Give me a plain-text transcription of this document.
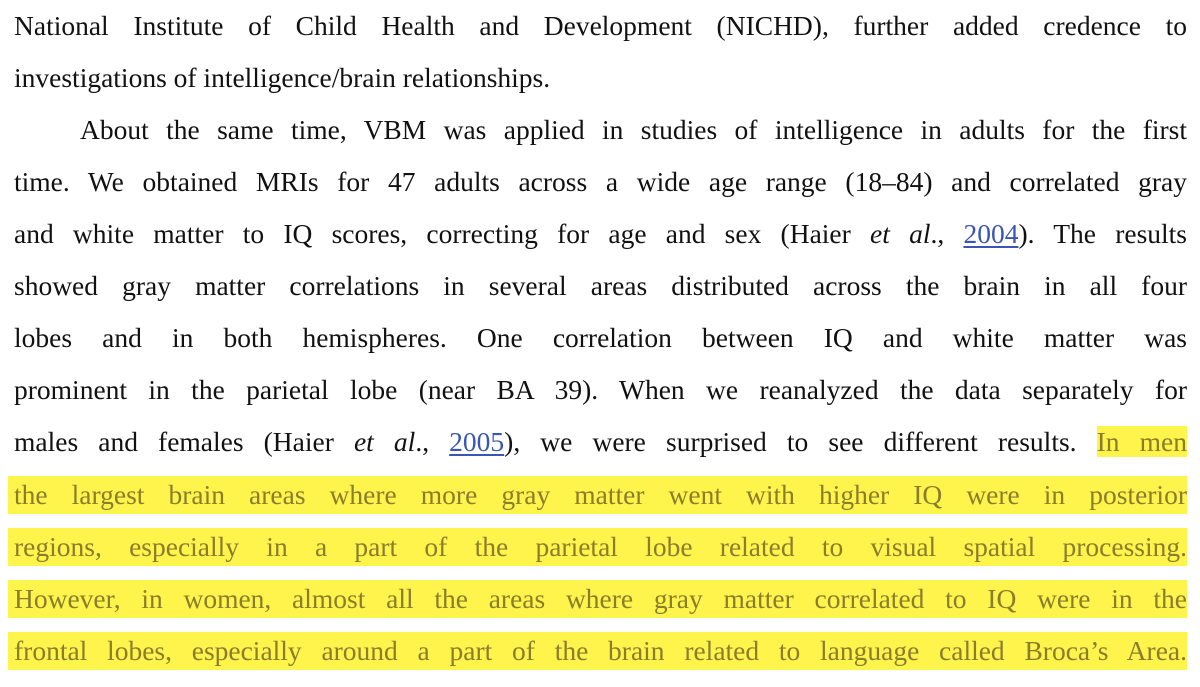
National Institute of Child Health and Development (NICHD), further added credence to
investigations of intelligence/brain relationships.
About the same time, VBM was applied in studies of intelligence in adults for the first
time. We obtained MRIs for 47 adults across a wide age range (18–84) and correlated gray
and white matter to IQ scores, correcting for age and sex (Haier et al., 2004). The results
showed gray matter correlations in several areas distributed across the brain in all four
lobes and in both hemispheres. One correlation between IQ and white matter was
prominent in the parietal lobe (near BA 39). When we reanalyzed the data separately for
males and females (Haier et al., 2005), we were surprised to see different results. In men
the largest brain areas where more gray matter went with higher IQ were in posterior
regions, especially in a part of the parietal lobe related to visual spatial processing.
However, in women, almost all the areas where gray matter correlated to IQ were in the
frontal lobes, especially around a part of the brain related to language called Broca’s Area.
